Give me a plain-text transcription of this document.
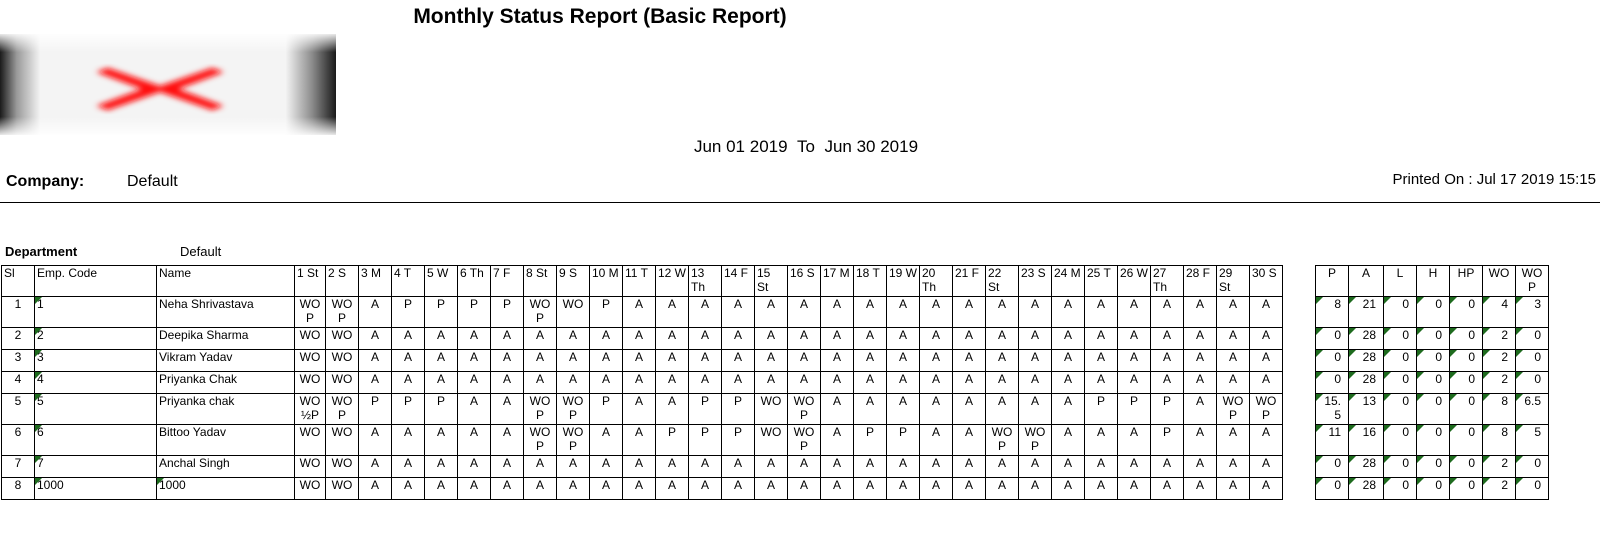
Monthly Status Report (Basic Report)
Jun 01 2019 To Jun 30 2019
Company:	Default	Printed On : Jul 17 2019 15:15
Department	Default
Sl	Emp. Code	Name	1 St	2 S	3 M	4 T	5 W	6 Th	7 F	8 St	9 S	10 M	11 T	12 W	13 Th	14 F	15 St	16 S	17 M	18 T	19 W	20 Th	21 F	22 St	23 S	24 M	25 T	26 W	27 Th	28 F	29 St	30 S		P	A	L	H	HP	WO	WOP
1	1	Neha Shrivastava	WO P	WOP	A	P	P	P	P	WO P	WO	P	A	A	A	A	A	A	A	A	A	A	A	A	A	A	A	A	A	A	A	A		8	21	0	0	0	4	3
2	2	Deepika Sharma	WO	WO	A	A	A	A	A	A	A	A	A	A	A	A	A	A	A	A	A	A	A	A	A	A	A	A	A	A	A	A		0	28	0	0	0	2	0
3	3	Vikram Yadav	WO	WO	A	A	A	A	A	A	A	A	A	A	A	A	A	A	A	A	A	A	A	A	A	A	A	A	A	A	A	A		0	28	0	0	0	2	0
4	4	Priyanka Chak	WO	WO	A	A	A	A	A	A	A	A	A	A	A	A	A	A	A	A	A	A	A	A	A	A	A	A	A	A	A	A		0	28	0	0	0	2	0
5	5	Priyanka chak	WO ½P	WOP	P	P	P	A	A	WO P	WO P	P	A	A	P	P	WO	WO P	A	A	A	A	A	A	A	A	P	P	P	A	WO P	WO P		15.5	13	0	0	0	8	6.5
6	6	Bittoo Yadav	WO	WO	A	A	A	A	A	WO P	WO P	A	A	P	P	P	WO	WO P	A	P	P	A	A	WO P	WO P	A	A	A	P	A	A	A		11	16	0	0	0	8	5
7	7	Anchal Singh	WO	WO	A	A	A	A	A	A	A	A	A	A	A	A	A	A	A	A	A	A	A	A	A	A	A	A	A	A	A	A		0	28	0	0	0	2	0
8	1000	1000	WO	WO	A	A	A	A	A	A	A	A	A	A	A	A	A	A	A	A	A	A	A	A	A	A	A	A	A	A	A	A		0	28	0	0	0	2	0
